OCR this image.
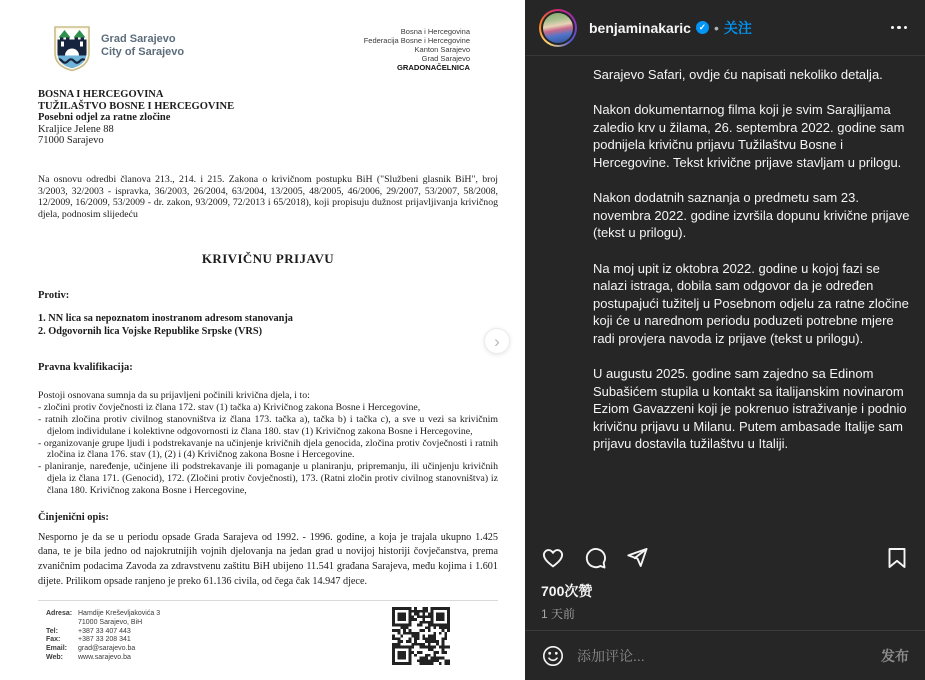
Grad Sarajevo
City of Sarajevo
Bosna i Hercegovina
Federacija Bosne i Hercegovine
Kanton Sarajevo
Grad Sarajevo
GRADONAČELNICA
BOSNA I HERCEGOVINA
TUŽILAŠTVO BOSNE I HERCEGOVINE
Posebni odjel za ratne zločine
Kraljice Jelene 88
71000 Sarajevo

Na osnovu odredbi članova 213., 214. i 215. Zakona o krivičnom postupku BiH ("Službeni glasnik BiH", broj 3/2003, 32/2003 - ispravka, 36/2003, 26/2004, 63/2004, 13/2005, 48/2005, 46/2006, 29/2007, 53/2007, 58/2008, 12/2009, 16/2009, 53/2009 - dr. zakon, 93/2009, 72/2013 i 65/2018), koji propisuju dužnost prijavljivanja krivičnog djela, podnosim slijedeću

KRIVIČNU PRIJAVU
Protiv:
1. NN lica sa nepoznatom inostranom adresom stanovanja
2. Odgovornih lica Vojske Republike Srpske (VRS)
Pravna kvalifikacija:
Postoji osnovana sumnja da su prijavljeni počinili krivična djela, i to:
- zločini protiv čovječnosti iz člana 172. stav (1) tačka a) Krivičnog zakona Bosne i Hercegovine,
- ratnih zločina protiv civilnog stanovništva iz člana 173. tačka a), tačka b) i tačka c), a sve u vezi sa krivičnim djelom individulane i kolektivne odgovornosti iz člana 180. stav (1) Krivičnog zakona Bosne i Hercegovine,
- organizovanje grupe ljudi i podstrekavanje na učinjenje krivičnih djela genocida, zločina protiv čovječnosti i ratnih zločina iz člana 176. stav (1), (2) i (4) Krivičnog zakona Bosne i Hercegovine.
- planiranje, naređenje, učinjene ili podstrekavanje ili pomaganje u planiranju, pripremanju, ili učinjenju krivičnih djela iz člana 171. (Genocid), 172. (Zločini protiv čovječnosti), 173. (Ratni zločin protiv civilnog stanovništva) iz člana 180. Krivičnog zakona Bosne i Hercegovine,
Činjenični opis:

Nesporno je da se u periodu opsade Grada Sarajeva od 1992. - 1996. godine, a koja je trajala ukupno 1.425 dana, te je bila jedno od najokrutnijih vojnih djelovanja na jedan grad u novijoj historiji čovječanstva, prema zvaničnim podacima Zavoda za zdravstvenu zaštitu BiH ubijeno 11.541 građana Sarajeva, među kojima i 1.601 dijete. Prilikom opsade ranjeno je preko 61.136 civila, od čega čak 14.947 djece.

Adresa: Hamdije Kreševljakovića 3
71000 Sarajevo, BiH
Tel:	+387 33 407 443
Fax:	+387 33 208 341
Email:	grad@sarajevo.ba
Web:	www.sarajevo.ba
›
benjaminakaric ✓ • 关注

Sarajevo Safari, ovdje ću napisati nekoliko detalja.

Nakon dokumentarnog filma koji je svim Sarajlijama zaledio krv u žilama, 26. septembra 2022. godine sam podnijela krivičnu prijavu Tužilaštvu Bosne i Hercegovine. Tekst krivične prijave stavljam u prilogu.

Nakon dodatnih saznanja o predmetu sam 23. novembra 2022. godine izvršila dopunu krivične prijave (tekst u prilogu).

Na moj upit iz oktobra 2022. godine u kojoj fazi se nalazi istraga, dobila sam odgovor da je određen postupajući tužitelj u Posebnom odjelu za ratne zločine koji će u narednom periodu poduzeti potrebne mjere radi provjera navoda iz prijave (tekst u prilogu).

U augustu 2025. godine sam zajedno sa Edinom Subašićem stupila u kontakt sa italijanskim novinarom Eziom Gavazzeni koji je pokrenuo istraživanje i podnio krivičnu prijavu u Milanu. Putem ambasade Italije sam prijavu dostavila tužilaštvu u Italiji.

700次赞
1 天前
添加评论...
发布
